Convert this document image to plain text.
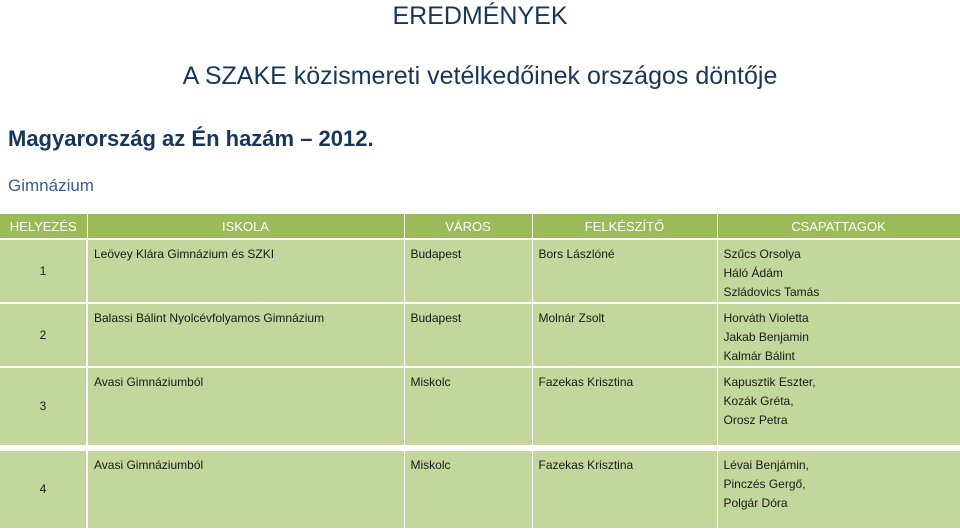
EREDMÉNYEK
A SZAKE közismereti vetélkedőinek országos döntője
Magyarország az Én hazám – 2012.
Gimnázium
HELYEZÉS	ISKOLA	VÁROS	FELKÉSZÍTŐ	CSAPATTAGOK
1	Leövey Klára Gimnázium és SZKI	Budapest	Bors Lászlóné	Szűcs Orsolya
Háló Ádám
Szládovics Tamás

2	Balassi Bálint Nyolcévfolyamos Gimnázium	Budapest	Molnár Zsolt	Horváth Violetta
Jakab Benjamin
Kalmár Bálint

3	Avasi Gimnáziumból	Miskolc	Fazekas Krisztina	Kapusztik Eszter,
Kozák Gréta,
Orosz Petra

4	Avasi Gimnáziumból	Miskolc	Fazekas Krisztina	Lévai Benjámin,
Pinczés Gergő,
Polgár Dóra
